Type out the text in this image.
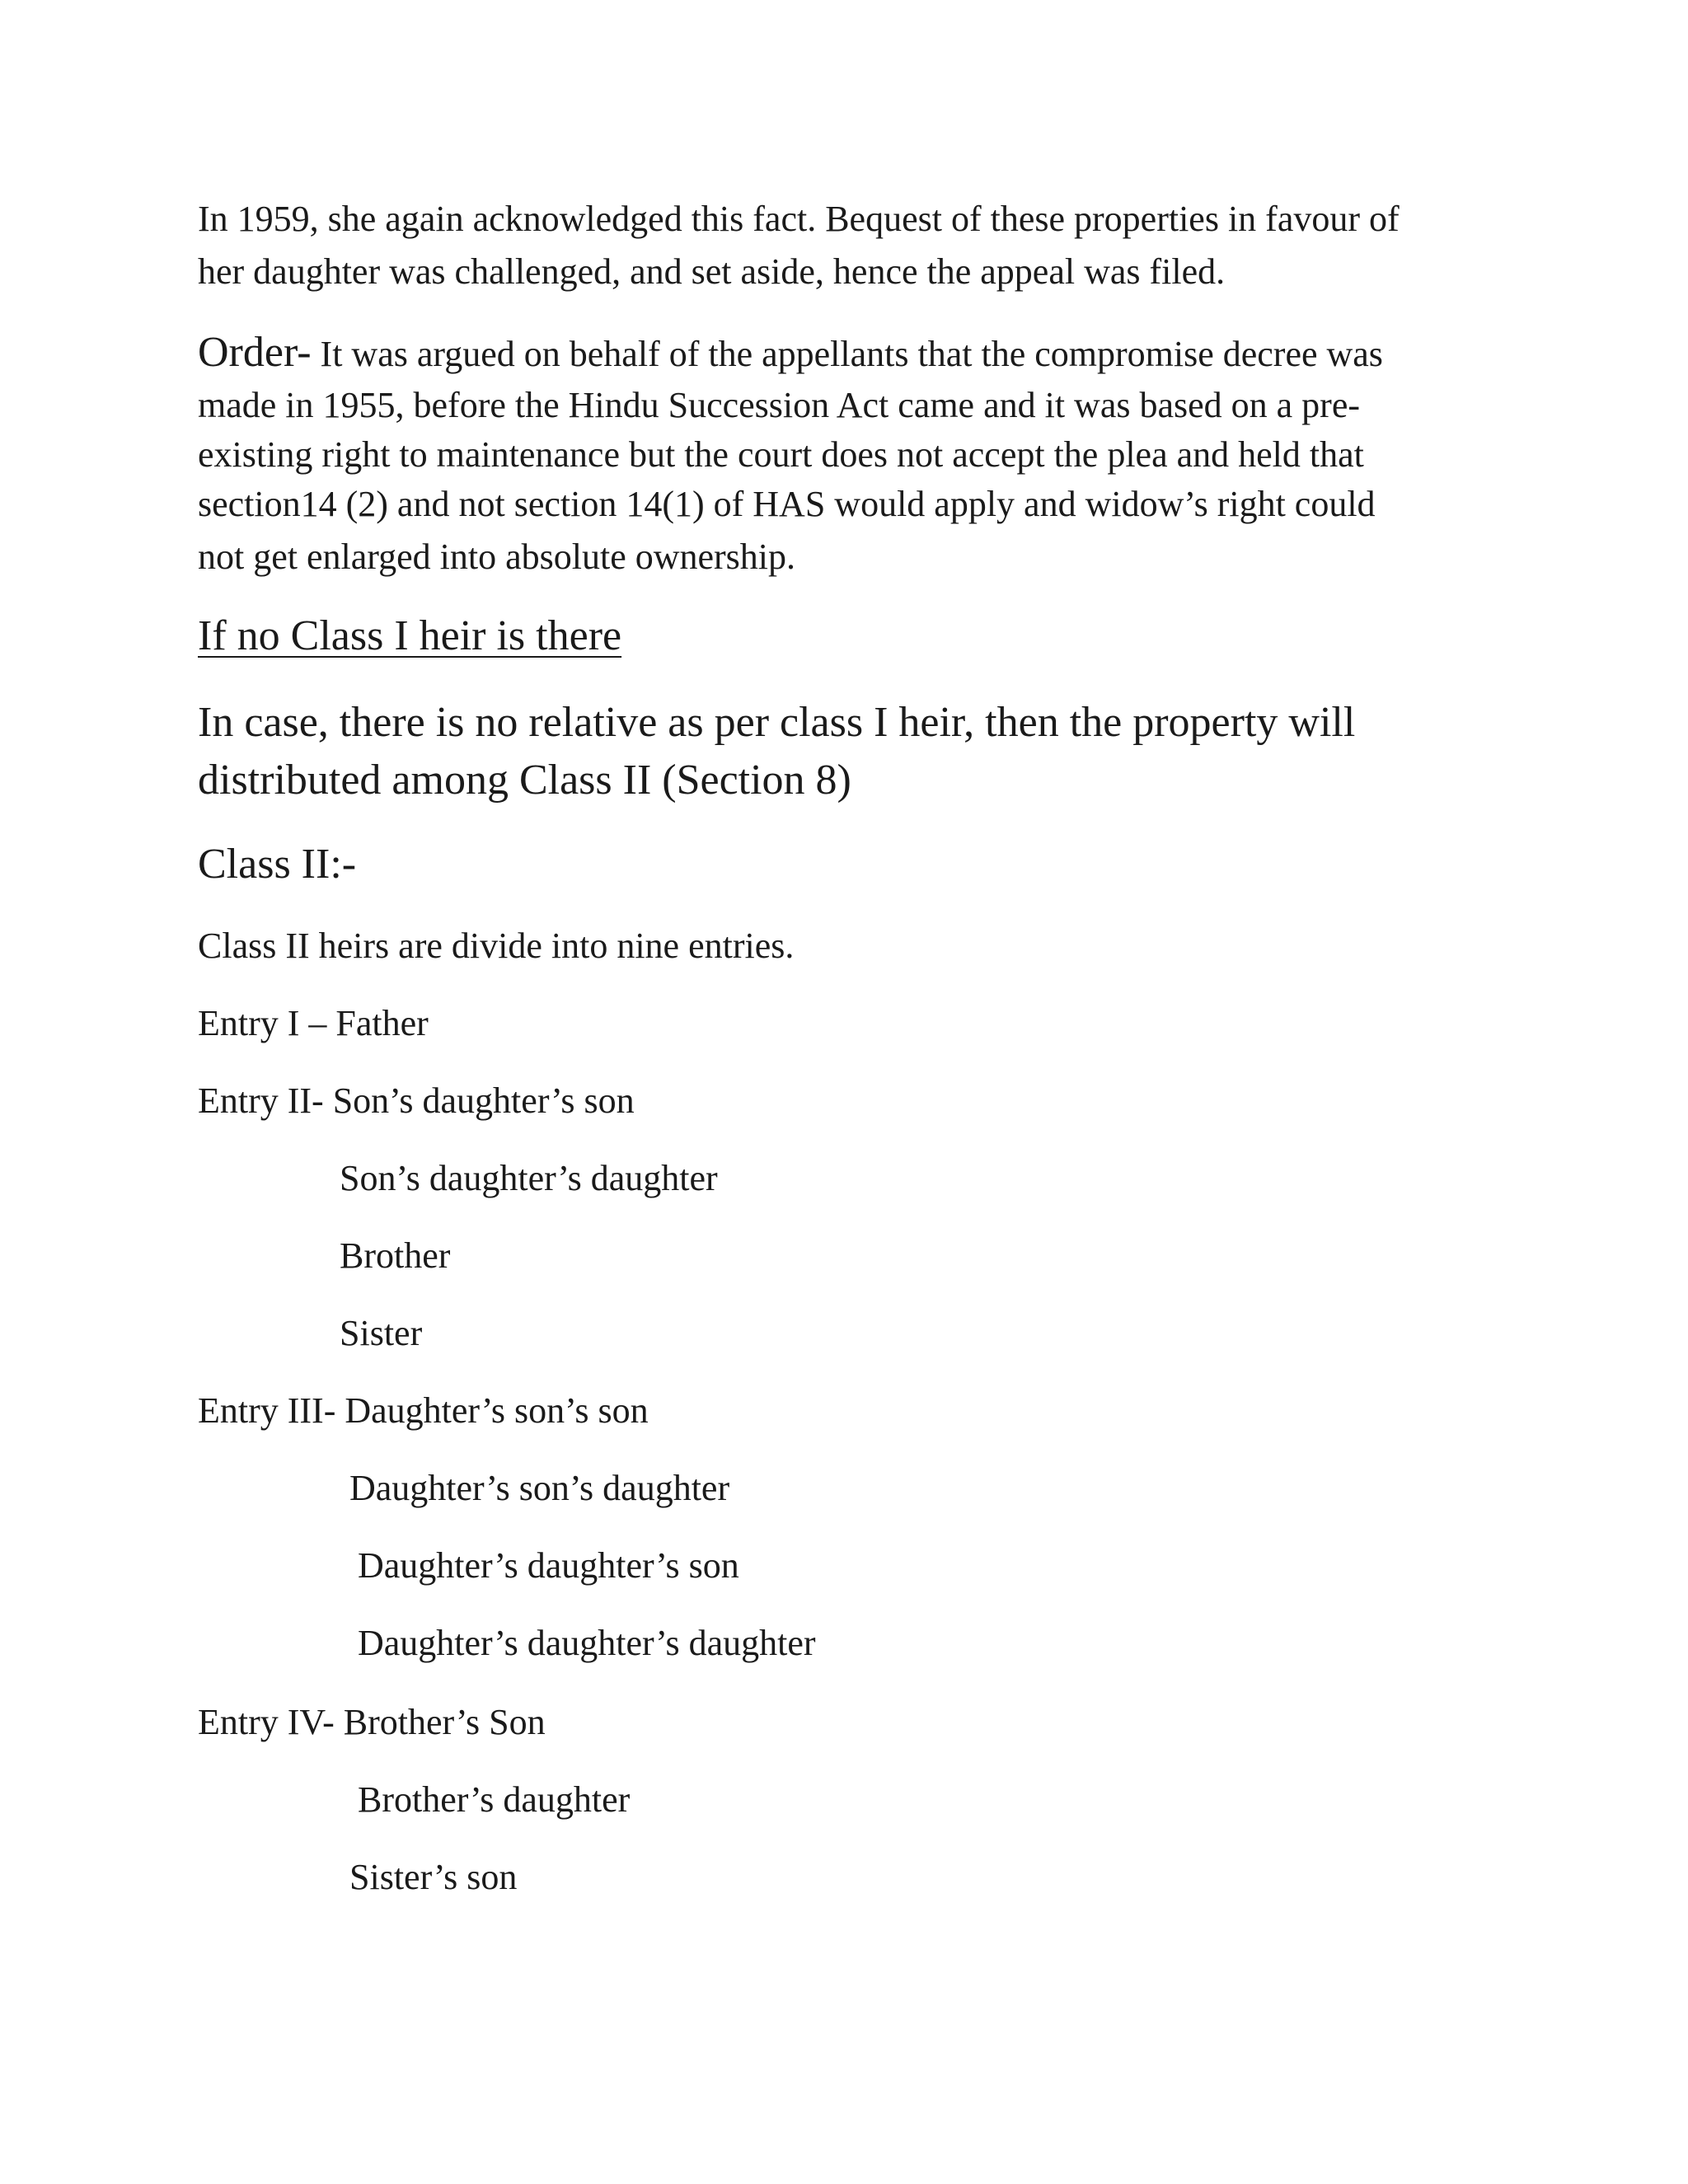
In 1959, she again acknowledged this fact. Bequest of these properties in favour of

her daughter was challenged, and set aside, hence the appeal was filed.

Order- It was argued on behalf of the appellants that the compromise decree was

made in 1955, before the Hindu Succession Act came and it was based on a pre-

existing right to maintenance but the court does not accept the plea and held that

section14 (2) and not section 14(1) of HAS would apply and widow’s right could

not get enlarged into absolute ownership.

If no Class I heir is there

In case, there is no relative as per class I heir, then the property will

distributed among Class II (Section 8)

Class II:-

Class II heirs are divide into nine entries.

Entry I – Father

Entry II- Son’s daughter’s son

Son’s daughter’s daughter

Brother

Sister

Entry III- Daughter’s son’s son

Daughter’s son’s daughter

Daughter’s daughter’s son

Daughter’s daughter’s daughter

Entry IV- Brother’s Son

Brother’s daughter

Sister’s son
